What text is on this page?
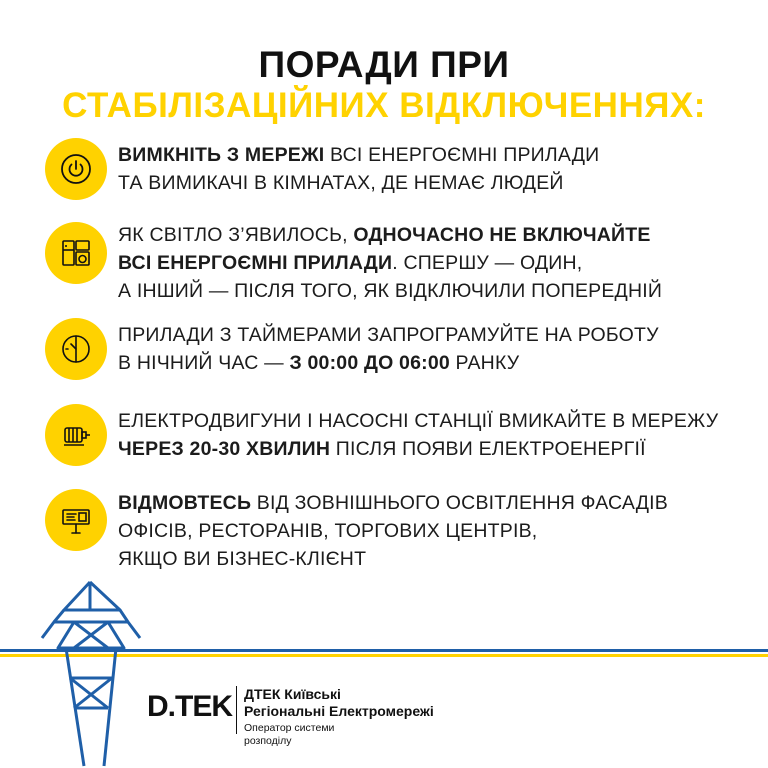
ПОРАДИ ПРИ
СТАБІЛІЗАЦІЙНИХ ВІДКЛЮЧЕННЯХ:
ВИМКНІТЬ З МЕРЕЖІ ВСІ ЕНЕРГОЄМНІ ПРИЛАДИ
ТА ВИМИКАЧІ В КІМНАТАХ, ДЕ НЕМАЄ ЛЮДЕЙ
ЯК СВІТЛО З’ЯВИЛОСЬ, ОДНОЧАСНО НЕ ВКЛЮЧАЙТЕ
ВСІ ЕНЕРГОЄМНІ ПРИЛАДИ. СПЕРШУ — ОДИН,
А ІНШИЙ — ПІСЛЯ ТОГО, ЯК ВІДКЛЮЧИЛИ ПОПЕРЕДНІЙ
ПРИЛАДИ З ТАЙМЕРАМИ ЗАПРОГРАМУЙТЕ НА РОБОТУ
В НІЧНИЙ ЧАС — З 00:00 ДО 06:00 РАНКУ
ЕЛЕКТРОДВИГУНИ І НАСОСНІ СТАНЦІЇ ВМИКАЙТЕ В МЕРЕЖУ
ЧЕРЕЗ 20-30 ХВИЛИН ПІСЛЯ ПОЯВИ ЕЛЕКТРОЕНЕРГІЇ
ВІДМОВТЕСЬ ВІД ЗОВНІШНЬОГО ОСВІТЛЕННЯ ФАСАДІВ
ОФІСІВ, РЕСТОРАНІВ, ТОРГОВИХ ЦЕНТРІВ,
ЯКЩО ВИ БІЗНЕС-КЛІЄНТ
D.TEK ДТЕК Київські
Регіональні Електромережі
Оператор системи
розподілу
